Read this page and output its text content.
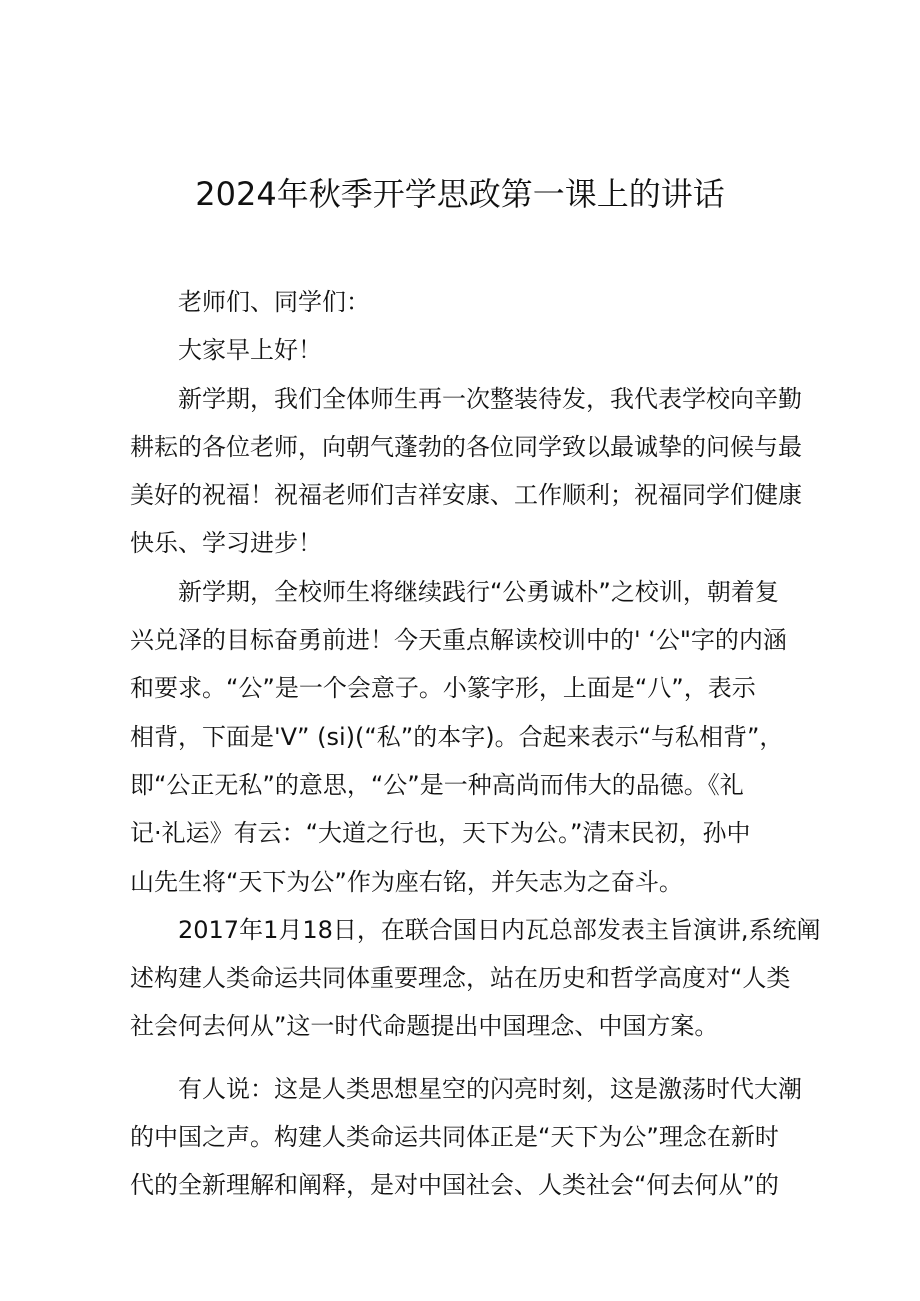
2024年秋季开学思政第一课上的讲话
老师们、同学们：
大家早上好！
新学期，我们全体师生再一次整装待发，我代表学校向辛勤
耕耘的各位老师，向朝气蓬勃的各位同学致以最诚挚的问候与最
美好的祝福！祝福老师们吉祥安康、工作顺利；祝福同学们健康
快乐、学习进步！
新学期，全校师生将继续践行“公勇诚朴”之校训，朝着复
兴兑泽的目标奋勇前进！今天重点解读校训中的' ‘公"字的内涵
和要求。“公”是一个会意子。小篆字形，上面是“八”，表示
相背，下面是'V” (si)(“私”的本字)。合起来表示“与私相背”，
即“公正无私”的意思，“公”是一种高尚而伟大的品德。《礼
记·礼运》有云：“大道之行也，天下为公。”清末民初，孙中
山先生将“天下为公”作为座右铭，并矢志为之奋斗。
2017年1月18日，在联合国日内瓦总部发表主旨演讲,系统阐
述构建人类命运共同体重要理念，站在历史和哲学高度对“人类
社会何去何从”这一时代命题提出中国理念、中国方案。
有人说：这是人类思想星空的闪亮时刻，这是激荡时代大潮
的中国之声。构建人类命运共同体正是“天下为公”理念在新时
代的全新理解和阐释，是对中国社会、人类社会“何去何从”的
